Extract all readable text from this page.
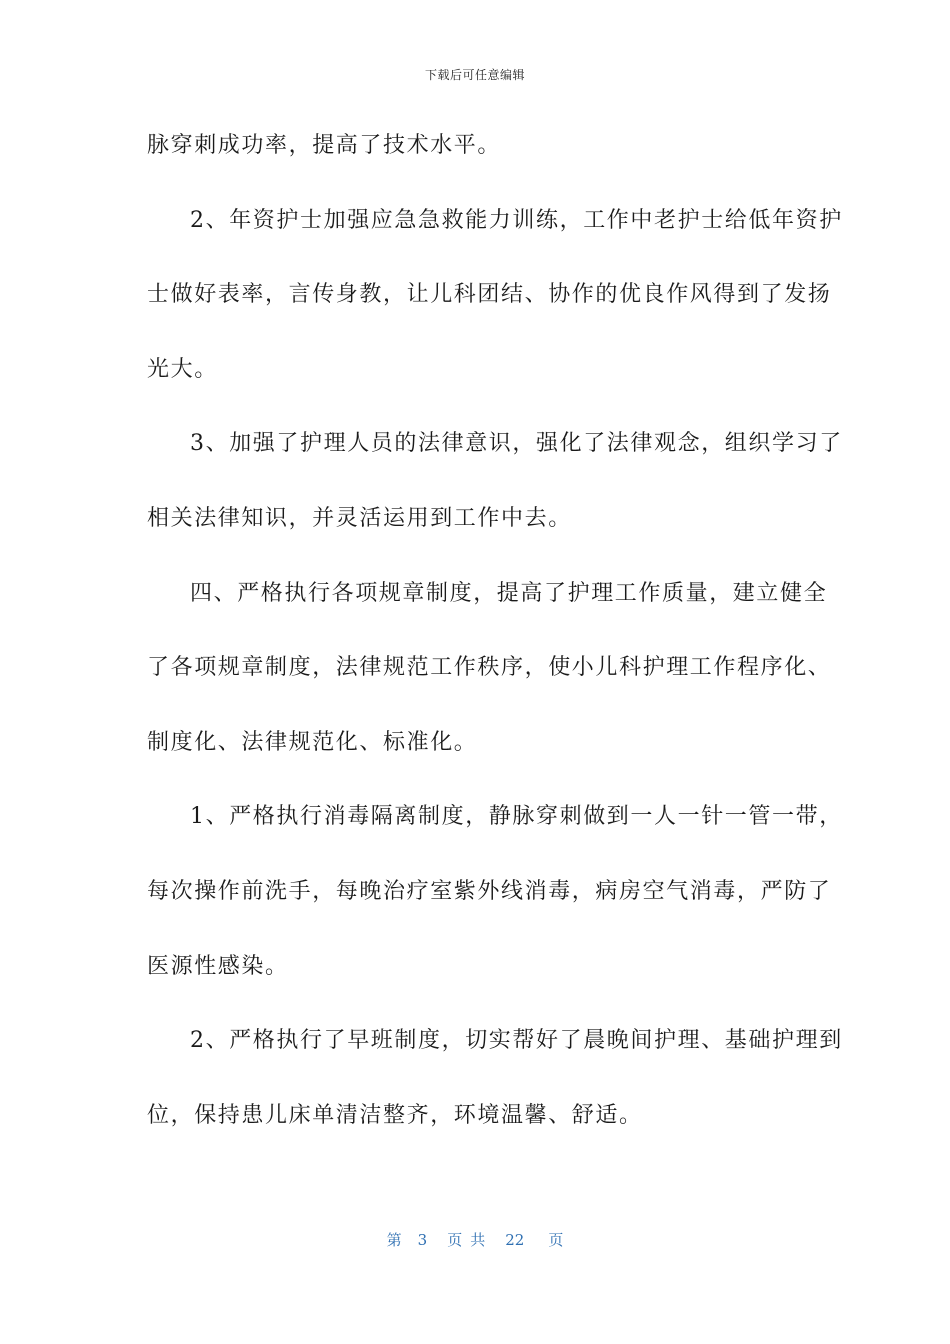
下载后可任意编辑
脉穿刺成功率，提高了技术水平。
2、年资护士加强应急急救能力训练，工作中老护士给低年资护
士做好表率，言传身教，让儿科团结、协作的优良作风得到了发扬
光大。
3、加强了护理人员的法律意识，强化了法律观念，组织学习了
相关法律知识，并灵活运用到工作中去。
四、严格执行各项规章制度，提高了护理工作质量，建立健全
了各项规章制度，法律规范工作秩序，使小儿科护理工作程序化、
制度化、法律规范化、标准化。
1、严格执行消毒隔离制度，静脉穿刺做到一人一针一管一带，
每次操作前洗手，每晚治疗室紫外线消毒，病房空气消毒，严防了
医源性感染。
2、严格执行了早班制度，切实帮好了晨晚间护理、基础护理到
位，保持患儿床单清洁整齐，环境温馨、舒适。
第 3 页 共 22 页
